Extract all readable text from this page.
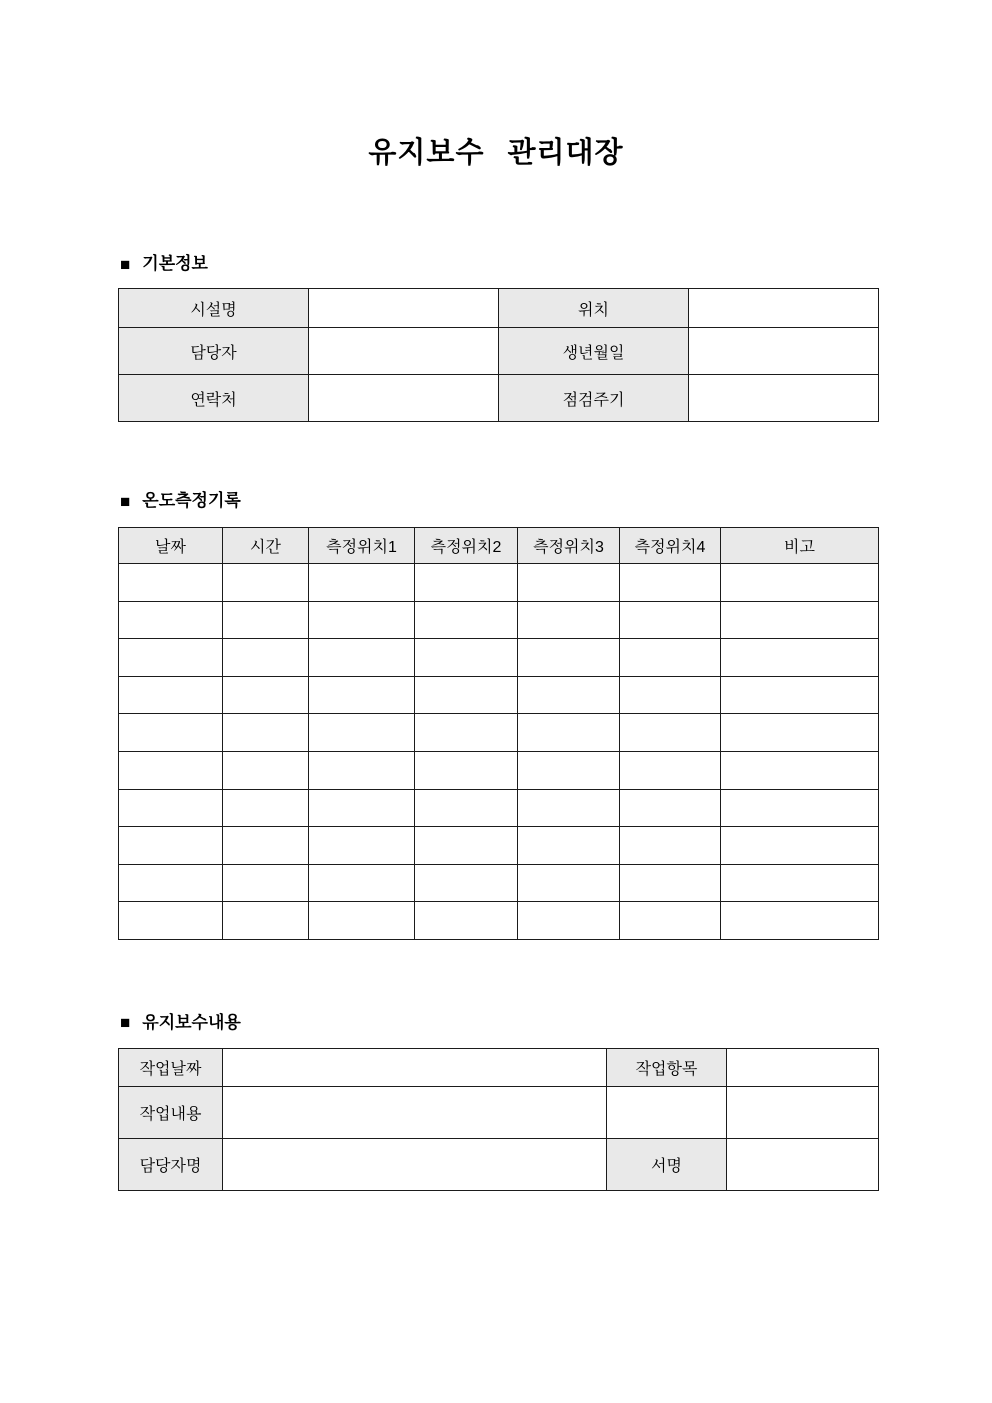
유지보수 관리대장
■ 기본정보
시설명		위치	
담당자		생년월일	
연락처		점검주기	
■ 온도측정기록
날짜	시간	측정위치1	측정위치2	측정위치3	측정위치4	비고

■ 유지보수내용
작업날짜		작업항목	
작업내용			
담당자명		서명	
